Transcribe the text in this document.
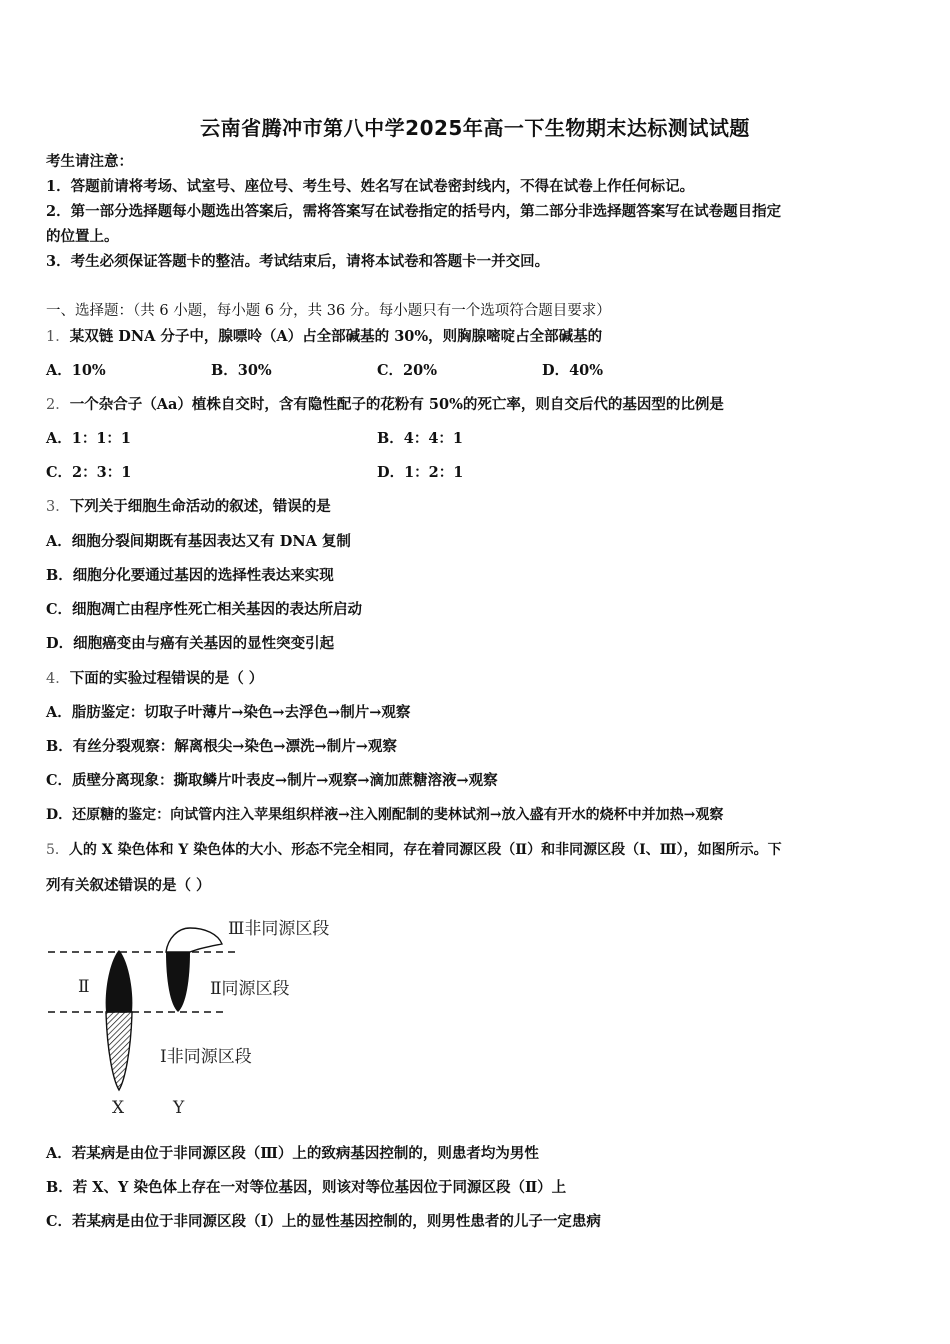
云南省腾冲市第八中学2025年高一下生物期末达标测试试题
考生请注意：
1．答题前请将考场、试室号、座位号、考生号、姓名写在试卷密封线内，不得在试卷上作任何标记。
2．第一部分选择题每小题选出答案后，需将答案写在试卷指定的括号内，第二部分非选择题答案写在试卷题目指定
的位置上。
3．考生必须保证答题卡的整洁。考试结束后，请将本试卷和答题卡一并交回。
一、选择题：（共 6 小题，每小题 6 分，共 36 分。每小题只有一个选项符合题目要求）
1．某双链 DNA 分子中，腺嘌呤（A）占全部碱基的 30%，则胸腺嘧啶占全部碱基的
A．10%	B．30%	C．20%	D．40%
2．一个杂合子（Aa）植株自交时，含有隐性配子的花粉有 50%的死亡率，则自交后代的基因型的比例是
A．1：1：1	B．4：4：1
C．2：3：1	D．1：2：1
3．下列关于细胞生命活动的叙述，错误的是
A．细胞分裂间期既有基因表达又有 DNA 复制
B．细胞分化要通过基因的选择性表达来实现
C．细胞凋亡由程序性死亡相关基因的表达所启动
D．细胞癌变由与癌有关基因的显性突变引起
4．下面的实验过程错误的是（ ）
A．脂肪鉴定：切取子叶薄片→染色→去浮色→制片→观察
B．有丝分裂观察：解离根尖→染色→漂洗→制片→观察
C．质壁分离现象：撕取鳞片叶表皮→制片→观察→滴加蔗糖溶液→观察
D．还原糖的鉴定：向试管内注入苹果组织样液→注入刚配制的斐林试剂→放入盛有开水的烧杯中并加热→观察
5．人的 X 染色体和 Y 染色体的大小、形态不完全相同，存在着同源区段（Ⅱ）和非同源区段（Ⅰ、Ⅲ），如图所示。下
列有关叙述错误的是（ ）
Ⅲ非同源区段
Ⅱ	Ⅱ同源区段
Ⅰ非同源区段
X	Y
A．若某病是由位于非同源区段（Ⅲ）上的致病基因控制的，则患者均为男性
B．若 X、Y 染色体上存在一对等位基因，则该对等位基因位于同源区段（Ⅱ）上
C．若某病是由位于非同源区段（Ⅰ）上的显性基因控制的，则男性患者的儿子一定患病
